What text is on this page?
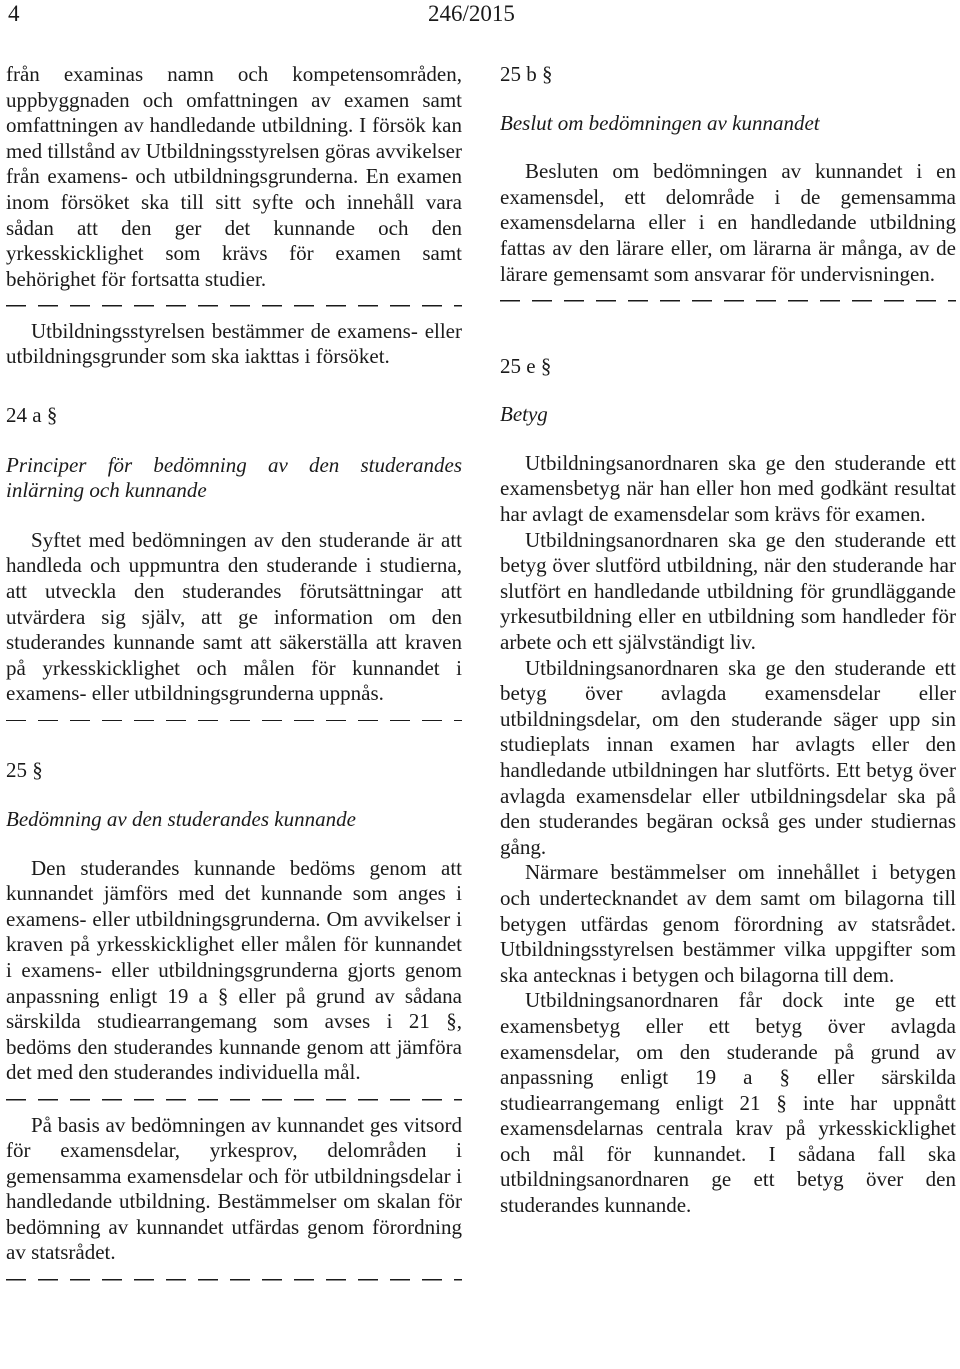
4	246/2015

från examinas namn och kompetensområden, uppbyggnaden och omfattningen av examen samt omfattningen av handledande utbildning. I försök kan med tillstånd av Utbildningsstyrelsen göras avvikelser från examens- och utbildningsgrunderna. En examen inom försöket ska till sitt syfte och innehåll vara sådan att den ger det kunnande och den yrkesskicklighet som krävs för examen samt behörighet för fortsatta studier.

Utbildningsstyrelsen bestämmer de examens- eller utbildningsgrunder som ska iakttas i försöket.

24 a §

Principer för bedömning av den studerandes inlärning och kunnande

Syftet med bedömningen av den studerande är att handleda och uppmuntra den studerande i studierna, att utveckla den studerandes förutsättningar att utvärdera sig själv, att ge information om den studerandes kunnande samt att säkerställa att kraven på yrkesskicklighet och målen för kunnandet i examens- eller utbildningsgrunderna uppnås.

25 §

Bedömning av den studerandes kunnande

Den studerandes kunnande bedöms genom att kunnandet jämförs med det kunnande som anges i examens- eller utbildningsgrunderna. Om avvikelser i kraven på yrkesskicklighet eller målen för kunnandet i examens- eller utbildningsgrunderna gjorts genom anpassning enligt 19 a § eller på grund av sådana särskilda studiearrangemang som avses i 21 §, bedöms den studerandes kunnande genom att jämföra det med den studerandes individuella mål.

På basis av bedömningen av kunnandet ges vitsord för examensdelar, yrkesprov, delområden i gemensamma examensdelar och för utbildningsdelar i handledande utbildning. Bestämmelser om skalan för bedömning av kunnandet utfärdas genom förordning av statsrådet.

25 b §

Beslut om bedömningen av kunnandet

Besluten om bedömningen av kunnandet i en examensdel, ett delområde i de gemensamma examensdelarna eller i en handledande utbildning fattas av den lärare eller, om lärarna är många, av de lärare gemensamt som ansvarar för undervisningen.

25 e §

Betyg

Utbildningsanordnaren ska ge den studerande ett examensbetyg när han eller hon med godkänt resultat har avlagt de examensdelar som krävs för examen.

Utbildningsanordnaren ska ge den studerande ett betyg över slutförd utbildning, när den studerande har slutfört en handledande utbildning för grundläggande yrkesutbildning eller en utbildning som handleder för arbete och ett självständigt liv.

Utbildningsanordnaren ska ge den studerande ett betyg över avlagda examensdelar eller utbildningsdelar, om den studerande säger upp sin studieplats innan examen har avlagts eller den handledande utbildningen har slutförts. Ett betyg över avlagda examensdelar eller utbildningsdelar ska på den studerandes begäran också ges under studiernas gång.

Närmare bestämmelser om innehållet i betygen och undertecknandet av dem samt om bilagorna till betygen utfärdas genom förordning av statsrådet. Utbildningsstyrelsen bestämmer vilka uppgifter som ska antecknas i betygen och bilagorna till dem.

Utbildningsanordnaren får dock inte ge ett examensbetyg eller ett betyg över avlagda examensdelar, om den studerande på grund av anpassning enligt 19 a § eller särskilda studiearrangemang enligt 21 § inte har uppnått examensdelarnas centrala krav på yrkesskicklighet och mål för kunnandet. I sådana fall ska utbildningsanordnaren ge ett betyg över den studerandes kunnande.
